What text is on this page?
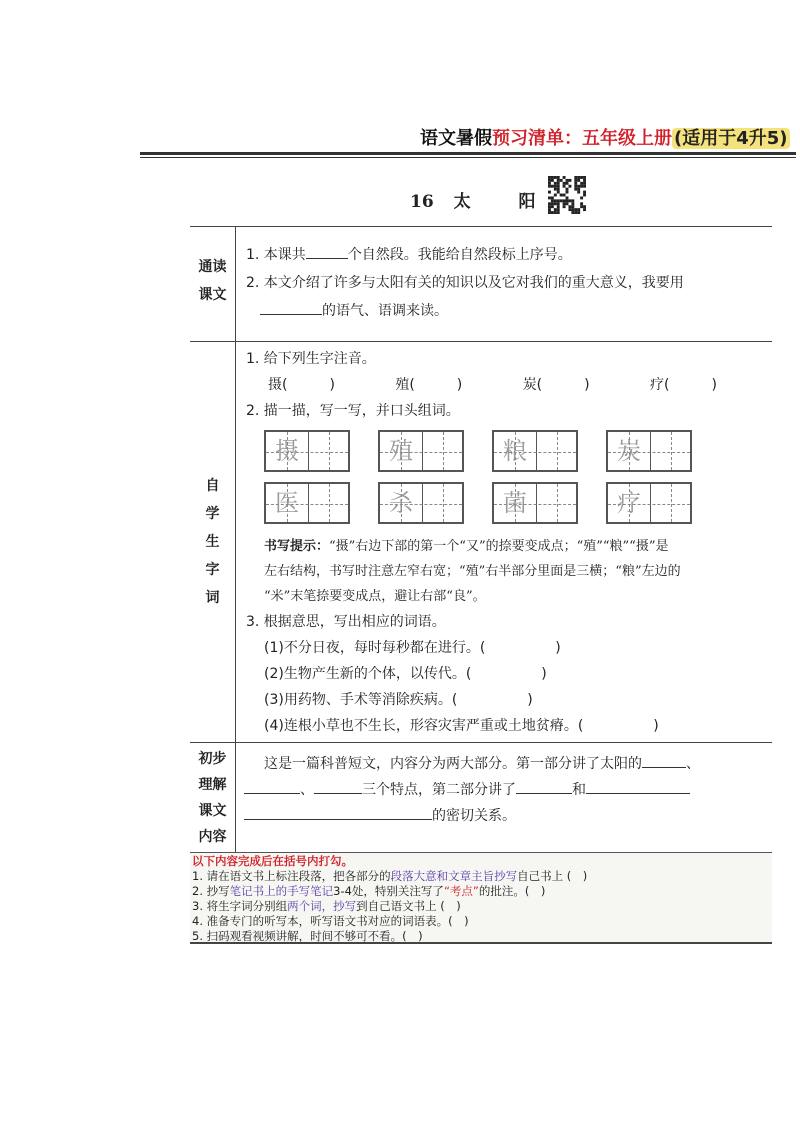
语文暑假预习清单：五年级上册 (适用于4升5)
16 太	阳
通读
课文
1. 本课共	个自然段。我能给自然段标上序号。
2. 本文介绍了许多与太阳有关的知识以及它对我们的重大意义，我要用
的语气、语调来读。
自
学
生
字
词
1. 给下列生字注音。
摄(　　　)	殖(　　　)	炭(　　　)	疗(　　　)
2. 描一描，写一写，并口头组词。
摄	殖	粮	炭
医	杀	菌	疗
书写提示：“摄”右边下部的第一个“又”的捺要变成点；“殖”“粮”“摄”是
左右结构，书写时注意左窄右宽；“殖”右半部分里面是三横；“粮”左边的
“米”末笔捺要变成点，避让右部“良”。
3. 根据意思，写出相应的词语。
(1)不分日夜，每时每秒都在进行。(　　　　　)
(2)生物产生新的个体，以传代。(　　　　　)
(3)用药物、手术等消除疾病。(　　　　　)
(4)连根小草也不生长，形容灾害严重或土地贫瘠。(　　　　　)
初步
理解
课文
内容
这是一篇科普短文，内容分为两大部分。第一部分讲了太阳的	、
、	三个特点，第二部分讲了	和
的密切关系。
以下内容完成后在括号内打勾。
1. 请在语文书上标注段落，把各部分的段落大意和文章主旨抄写自己书上 (　)
2. 抄写笔记书上的手写笔记3-4处，特别关注写了“考点”的批注。(　)
3. 将生字词分别组两个词，抄写到自己语文书上 (　)
4. 准备专门的听写本，听写语文书对应的词语表。(　)
5. 扫码观看视频讲解，时间不够可不看。(　)
